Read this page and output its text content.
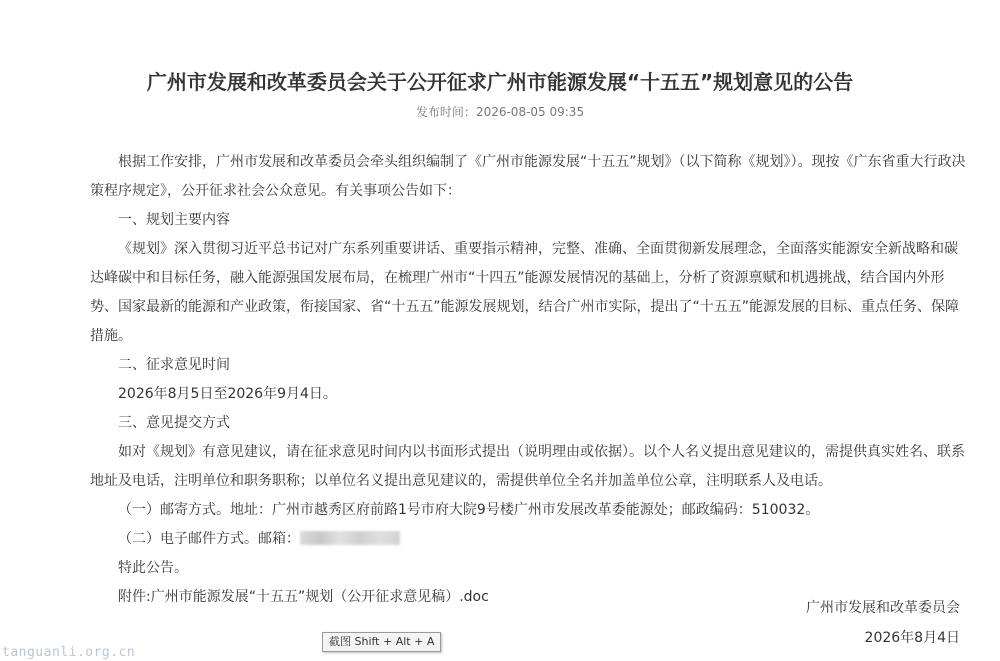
广州市发展和改革委员会关于公开征求广州市能源发展“十五五”规划意见的公告
发布时间：2026-08-05 09:35

根据工作安排，广州市发展和改革委员会牵头组织编制了《广州市能源发展“十五五”规划》（以下简称《规划》）。现按《广东省重大行政决策程序规定》，公开征求社会公众意见。有关事项公告如下：

一、规划主要内容

《规划》深入贯彻习近平总书记对广东系列重要讲话、重要指示精神，完整、准确、全面贯彻新发展理念，全面落实能源安全新战略和碳达峰碳中和目标任务，融入能源强国发展布局，在梳理广州市“十四五”能源发展情况的基础上，分析了资源禀赋和机遇挑战，结合国内外形势、国家最新的能源和产业政策，衔接国家、省“十五五”能源发展规划，结合广州市实际，提出了“十五五”能源发展的目标、重点任务、保障措施。

二、征求意见时间

2026年8月5日至2026年9月4日。

三、意见提交方式

如对《规划》有意见建议，请在征求意见时间内以书面形式提出（说明理由或依据）。以个人名义提出意见建议的，需提供真实姓名、联系地址及电话，注明单位和职务职称；以单位名义提出意见建议的，需提供单位全名并加盖单位公章，注明联系人及电话。

（一）邮寄方式。地址：广州市越秀区府前路1号市府大院9号楼广州市发展改革委能源处；邮政编码：510032。

（二）电子邮件方式。邮箱：

特此公告。

附件:广州市能源发展“十五五”规划（公开征求意见稿）.doc

广州市发展和改革委员会
2026年8月4日
截图 Shift + Alt + A
tanguanli.org.cn
